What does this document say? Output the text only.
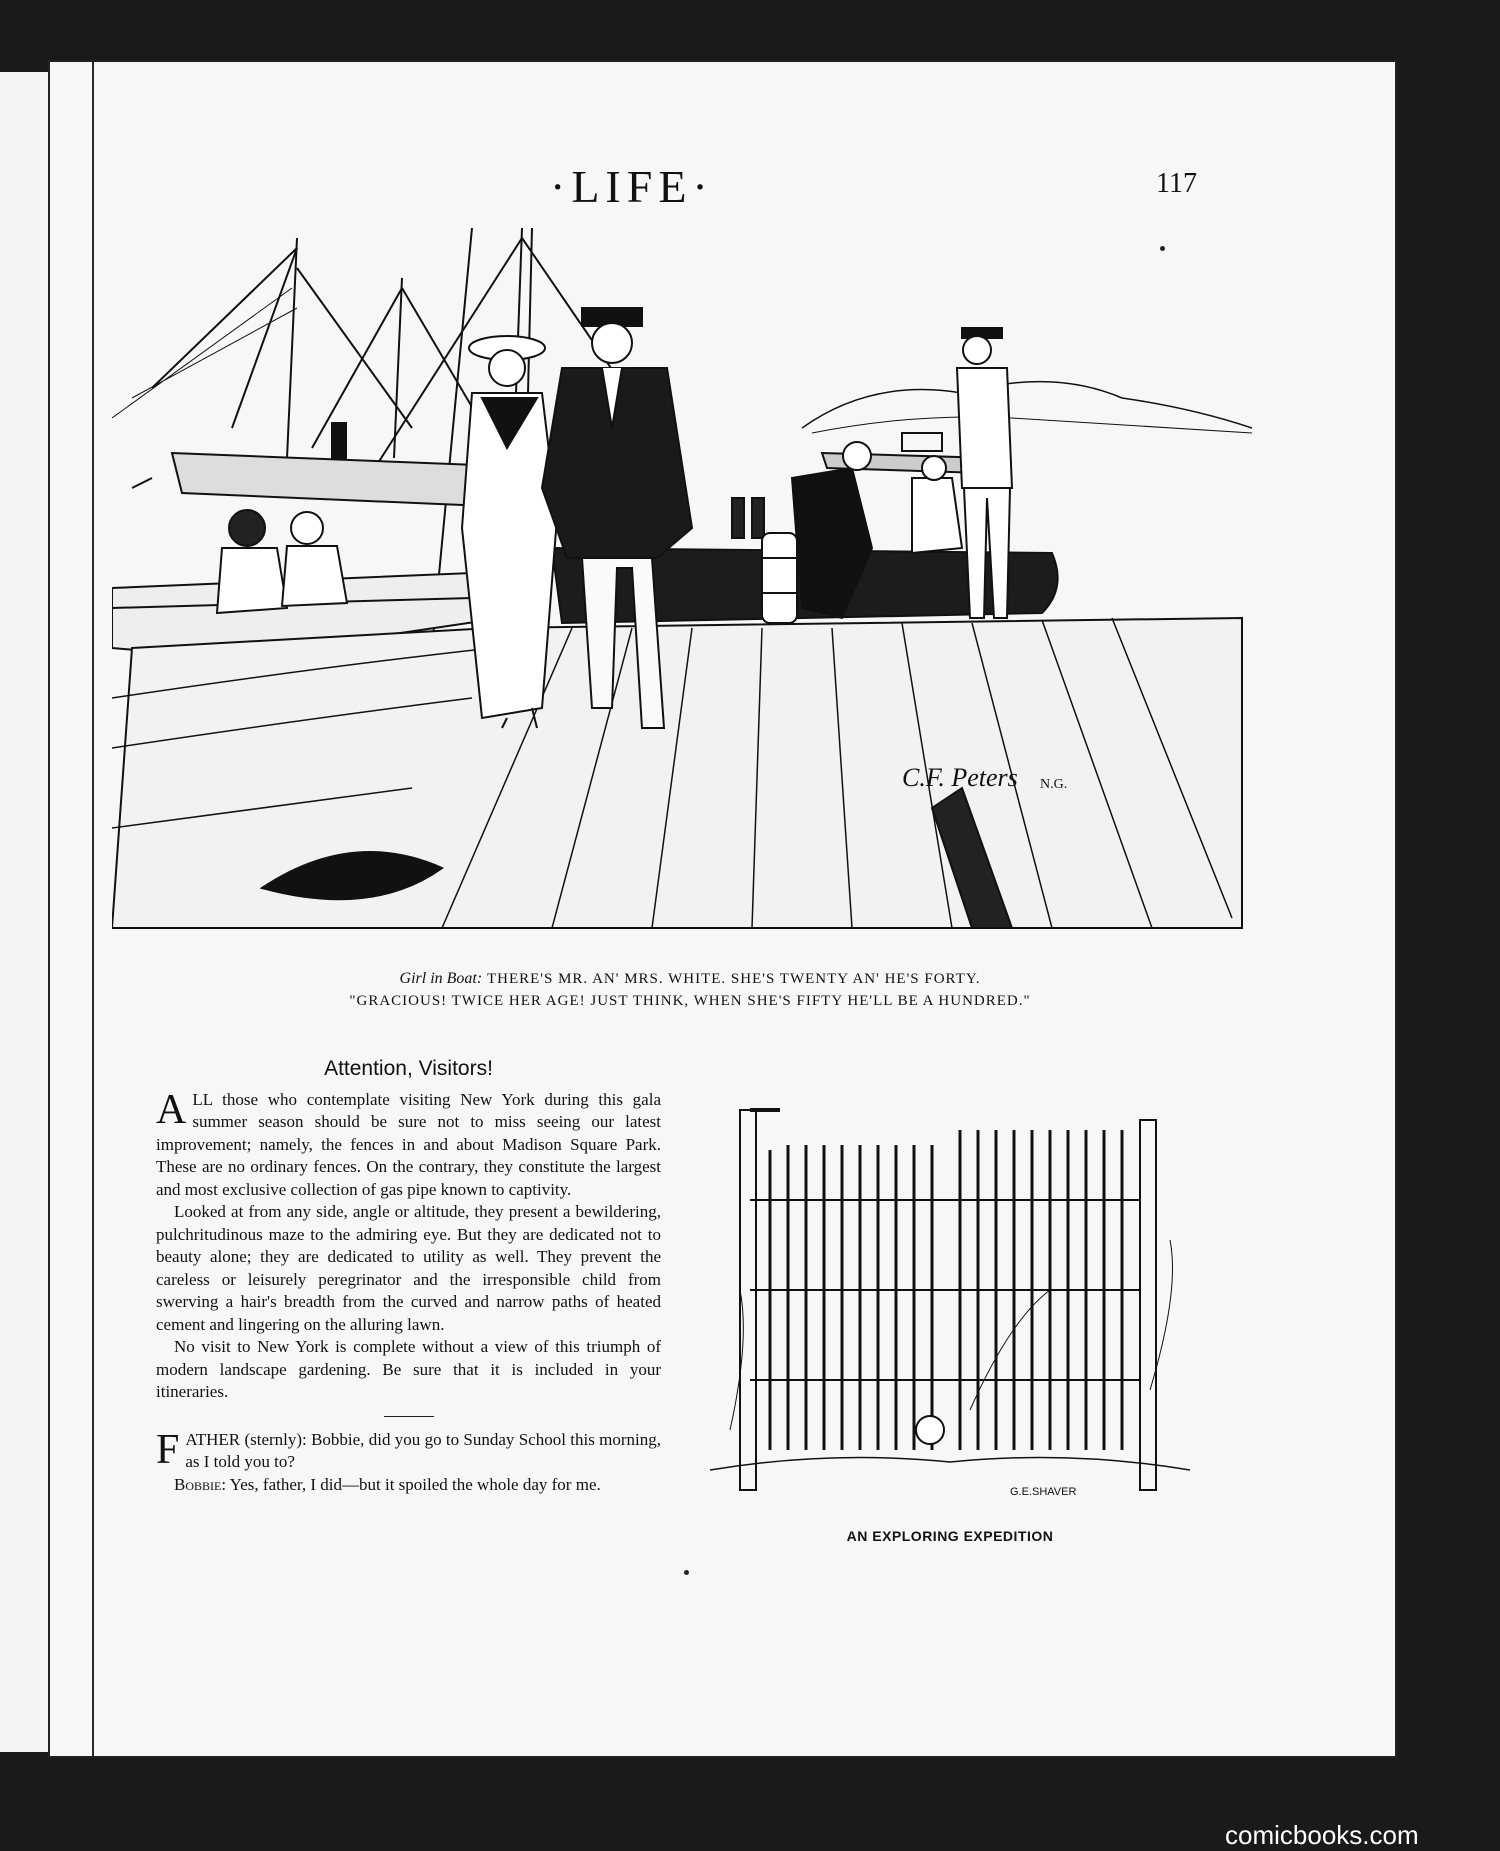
·LIFE·	117
C.F. Peters N.G.
Girl in Boat: THERE'S MR. AN' MRS. WHITE. SHE'S TWENTY AN' HE'S FORTY.
"GRACIOUS! TWICE HER AGE! JUST THINK, WHEN SHE'S FIFTY HE'LL BE A HUNDRED."
Attention, Visitors!

ALL those who contemplate visiting New York during this gala summer season should be sure not to miss seeing our latest improvement; namely, the fences in and about Madison Square Park. These are no ordinary fences. On the contrary, they constitute the largest and most exclusive collection of gas pipe known to captivity.

Looked at from any side, angle or altitude, they present a bewildering, pulchritudinous maze to the admiring eye. But they are dedicated not to beauty alone; they are dedicated to utility as well. They prevent the careless or leisurely peregrinator and the irresponsible child from swerving a hair's breadth from the curved and narrow paths of heated cement and lingering on the alluring lawn.

No visit to New York is complete without a view of this triumph of modern landscape gardening. Be sure that it is included in your itineraries.

FATHER (sternly): Bobbie, did you go to Sunday School this morning, as I told you to?

Bobbie: Yes, father, I did—but it spoiled the whole day for me.	G.E.SHAVER
AN EXPLORING EXPEDITION
comicbooks.com
